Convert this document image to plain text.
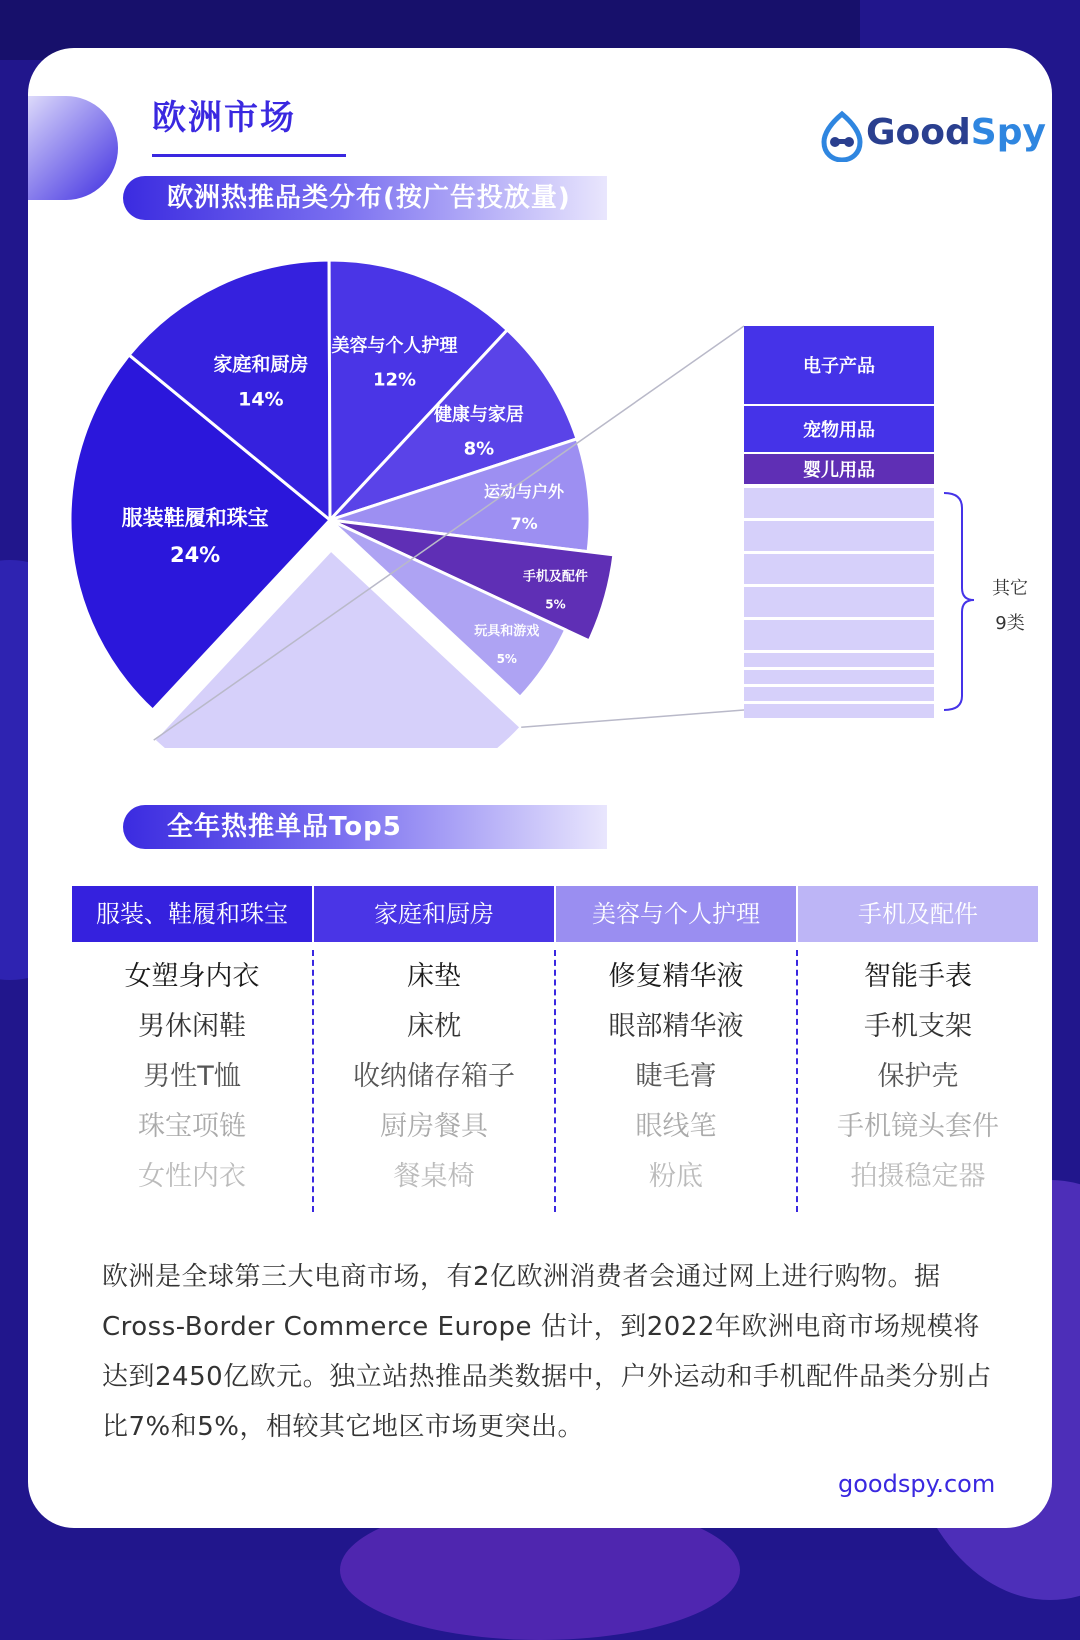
欧洲市场	GoodSpy
欧洲热推品类分布(按广告投放量)
全年热推单品Top5
服装鞋履和珠宝
24%
家庭和厨房
14%
美容与个人护理
12%
健康与家居
8%
运动与户外
7%
手机及配件
5%
玩具和游戏
5%
电子产品
宠物用品
婴儿用品
其它
9类
服装、鞋履和珠宝
女塑身内衣
男休闲鞋
男性T恤
珠宝项链
女性内衣
家庭和厨房
床垫
床枕
收纳储存箱子
厨房餐具
餐桌椅
美容与个人护理
修复精华液
眼部精华液
睫毛膏
眼线笔
粉底
手机及配件
智能手表
手机支架
保护壳
手机镜头套件
拍摄稳定器
欧洲是全球第三大电商市场，有2亿欧洲消费者会通过网上进行购物。据Cross-Border Commerce Europe 估计，到2022年欧洲电商市场规模将达到2450亿欧元。独立站热推品类数据中，户外运动和手机配件品类分别占比7%和5%，相较其它地区市场更突出。
goodspy.com
